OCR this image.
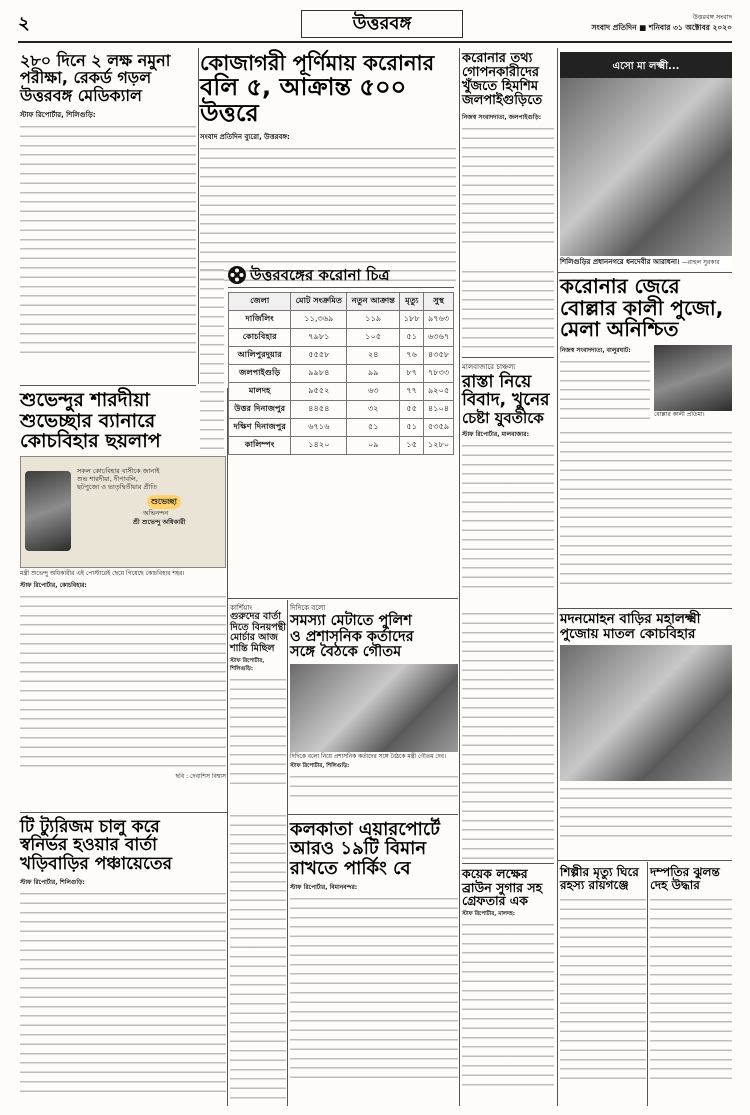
২	উত্তরবঙ্গ	উত্তরবঙ্গ সংবাদ
সংবাদ প্রতিদিন ■ শনিবার ৩১ অক্টোবর ২০২০
২৮০ দিনে ২ লক্ষ নমুনা
পরীক্ষা, রেকর্ড গড়ল
উত্তরবঙ্গ মেডিক্যাল
স্টাফ রিপোর্টার, শিলিগুড়ি:
কোজাগরী পূর্ণিমায় করোনার
বলি ৫, আক্রান্ত ৫০০ উত্তরে
সংবাদ প্রতিদিন ব্যুরো, উত্তরবঙ্গ:
করোনার তথ্য
গোপনকারীদের
খুঁজতে হিমশিম
জলপাইগুড়িতে
নিজস্ব সংবাদদাতা, জলপাইগুড়ি:
উত্তরবঙ্গের করোনা চিত্র
জেলা	মোট সংক্রমিত	নতুন আক্রান্ত	মৃত্যু	সুস্থ
দার্জিলিং	১১,৩৬৯	১১৯	১৮৮	৯৭৬৩
কোচবিহার	৭৯৮১	১০৫	৫১	৬৩৬৭
আলিপুরদুয়ার	৫৫৫৮	২৪	৭৬	৪৩৫৮
জলপাইগুড়ি	৯৯৮৪	৯৯	৮৭	৭৮৩৩
মালদহ	৯৫৫২	৬৩	৭৭	৯২০৫
উত্তর দিনাজপুর	৪৪৫৪	৩২	৫৫	৪১০৪
দক্ষিণ দিনাজপুর	৬৭১৬	৫১	৫১	৫৩৫৯
কালিম্পং	১৪২০	০৯	১৫	১২৮০
এসো মা লক্ষ্মী...
শিলিগুড়ির প্রধাননগরে ধনদেবীর আরাধনা। —রাহুল সুরকার
করোনার জেরে
বোল্লার কালী পুজো,
মেলা অনিশ্চিত
নিজস্ব সংবাদদাতা, বালুরঘাট:
বোল্লার কালী প্রতিমা।
মালবাজারে চাঞ্চল্য
রাস্তা নিয়ে
বিবাদ, খুনের
চেষ্টা যুবতীকে
স্টাফ রিপোর্টার, মালবাজার:
শুভেন্দুর শারদীয়া
শুভেচ্ছার ব্যানারে
কোচবিহার ছয়লাপ
সকল কোচবিহার বাসীকে জানাই
শুভ শারদীয়া, দীপাবলি,
ছটপুজো ও ভাতৃদ্বিতীয়ার প্রীতি
শুভেচ্ছা
অভিনন্দন
শ্রী শুভেন্দু অধিকারী
মন্ত্রী শুভেন্দু অধিকারীর এই পোস্টারেই ছেয়ে গিয়েছে কোচবিহার শহর।
স্টাফ রিপোর্টার, কোচবিহার:
ছবি : দেবাশিস বিশ্বাস
কার্শিয়াং
গুরুদের বার্তা
দিতে বিনয়পন্থী
মোর্চার আজ
শান্তি মিছিল
স্টাফ রিপোর্টার, শিলিগুড়ি:
দিদিকে বলো
সমস্যা মেটাতে পুলিশ
ও প্রশাসনিক কর্তাদের
সঙ্গে বৈঠকে গৌতম
দিদিকে বলো নিয়ে প্রশাসনিক কর্তাদের সঙ্গে বৈঠকে মন্ত্রী গৌতম দেব।
স্টাফ রিপোর্টার, শিলিগুড়ি:
মদনমোহন বাড়ির মহালক্ষ্মী
পুজোয় মাতল কোচবিহার
টি ট্যুরিজম চালু করে
স্বনির্ভর হওয়ার বার্তা
খড়িবাড়ির পঞ্চায়েতের
স্টাফ রিপোর্টার, শিলিগুড়ি:
কলকাতা এয়ারপোর্টে
আরও ১৯টি বিমান
রাখতে পার্কিং বে
স্টাফ রিপোর্টার, বিমানবন্দর:
কয়েক লক্ষের
ব্রাউন সুগার সহ
গ্রেফতার এক
স্টাফ রিপোর্টার, মালদহ:
শিল্পীর মৃত্যু ঘিরে
রহস্য রায়গঞ্জে
দম্পতির ঝুলন্ত
দেহ উদ্ধার
